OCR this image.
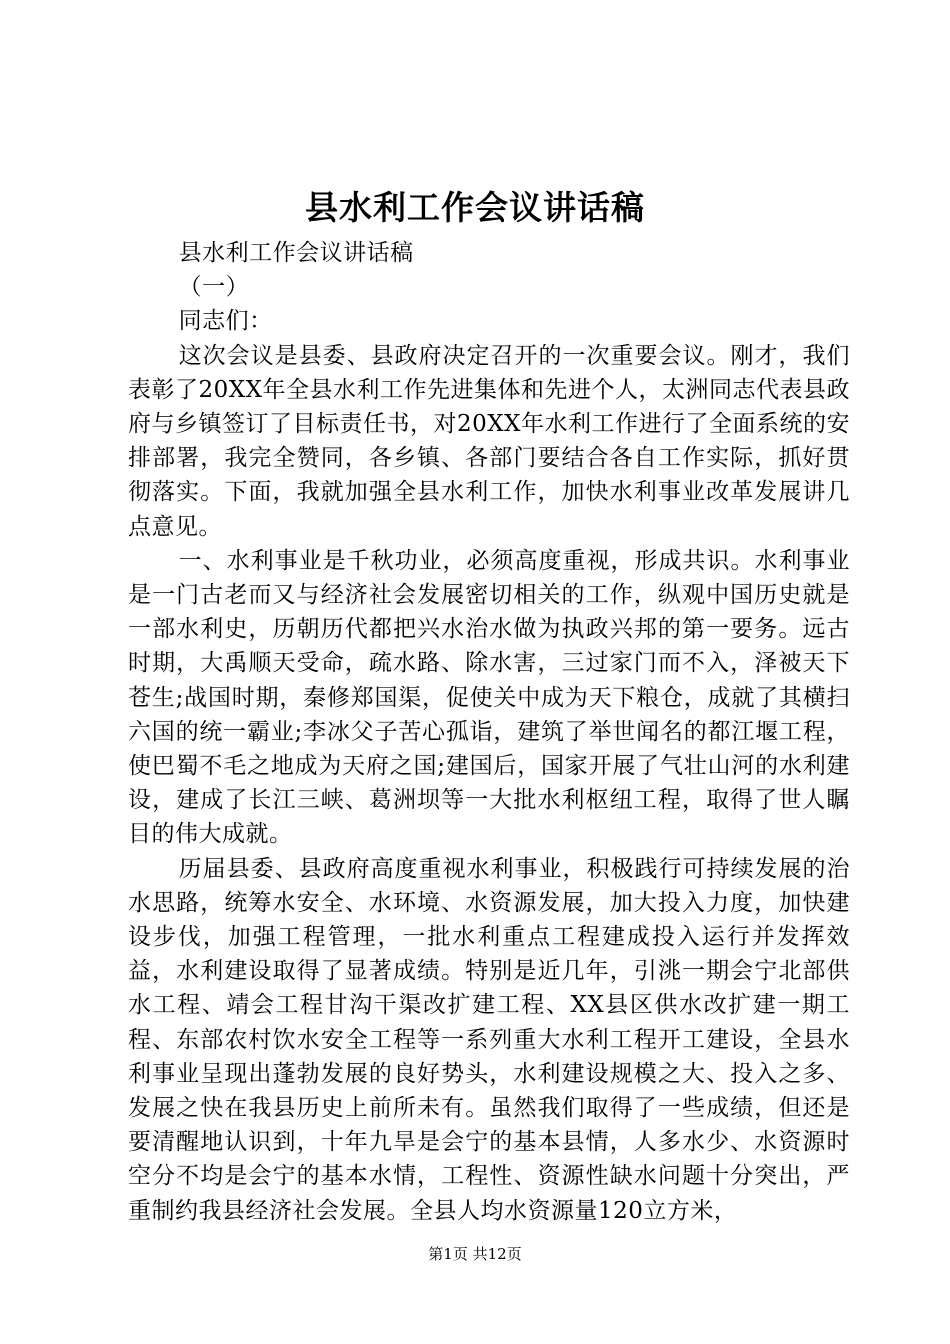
县水利工作会议讲话稿

县水利工作会议讲话稿

（一）

同志们：

这次会议是县委、县政府决定召开的一次重要会议。刚才，我们表彰了20XX年全县水利工作先进集体和先进个人，太洲同志代表县政府与乡镇签订了目标责任书，对20XX年水利工作进行了全面系统的安排部署，我完全赞同，各乡镇、各部门要结合各自工作实际，抓好贯彻落实。下面，我就加强全县水利工作，加快水利事业改革发展讲几点意见。

一、水利事业是千秋功业，必须高度重视，形成共识。水利事业是一门古老而又与经济社会发展密切相关的工作，纵观中国历史就是一部水利史，历朝历代都把兴水治水做为执政兴邦的第一要务。远古时期，大禹顺天受命，疏水路、除水害，三过家门而不入，泽被天下苍生;战国时期，秦修郑国渠，促使关中成为天下粮仓，成就了其横扫六国的统一霸业;李冰父子苦心孤诣，建筑了举世闻名的都江堰工程，使巴蜀不毛之地成为天府之国;建国后，国家开展了气壮山河的水利建设，建成了长江三峡、葛洲坝等一大批水利枢纽工程，取得了世人瞩目的伟大成就。

历届县委、县政府高度重视水利事业，积极践行可持续发展的治水思路，统筹水安全、水环境、水资源发展，加大投入力度，加快建设步伐，加强工程管理，一批水利重点工程建成投入运行并发挥效益，水利建设取得了显著成绩。特别是近几年，引洮一期会宁北部供水工程、靖会工程甘沟干渠改扩建工程、XX县区供水改扩建一期工程、东部农村饮水安全工程等一系列重大水利工程开工建设，全县水利事业呈现出蓬勃发展的良好势头，水利建设规模之大、投入之多、发展之快在我县历史上前所未有。虽然我们取得了一些成绩，但还是要清醒地认识到，十年九旱是会宁的基本县情，人多水少、水资源时空分不均是会宁的基本水情，工程性、资源性缺水问题十分突出，严重制约我县经济社会发展。全县人均水资源量120立方米，

第1页 共12页
